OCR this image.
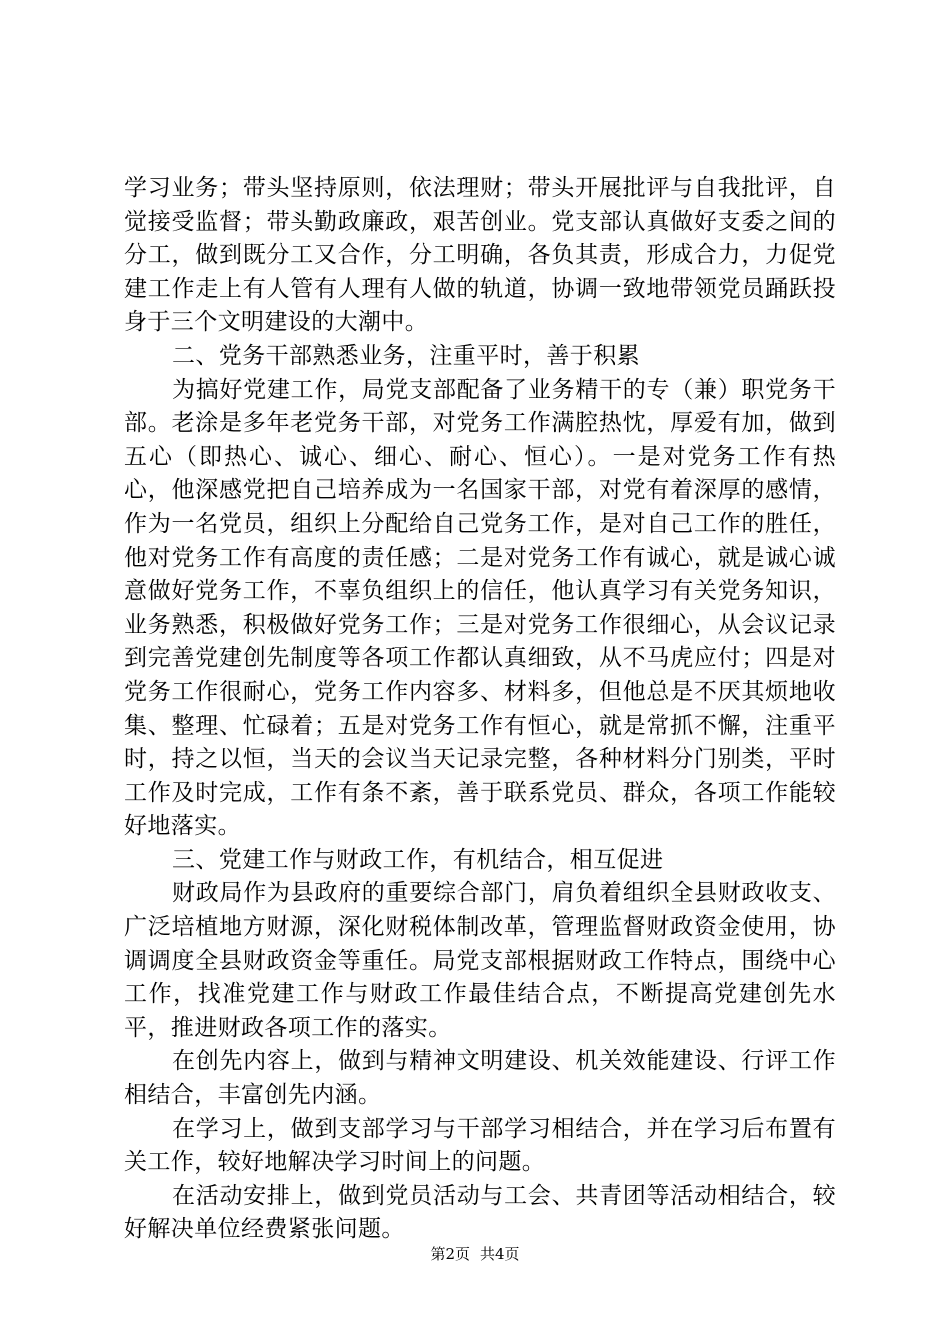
学习业务；带头坚持原则，依法理财；带头开展批评与自我批评，自觉接受监督；带头勤政廉政，艰苦创业。党支部认真做好支委之间的分工，做到既分工又合作，分工明确，各负其责，形成合力，力促党建工作走上有人管有人理有人做的轨道，协调一致地带领党员踊跃投身于三个文明建设的大潮中。

二、党务干部熟悉业务，注重平时，善于积累

为搞好党建工作，局党支部配备了业务精干的专（兼）职党务干部。老涂是多年老党务干部，对党务工作满腔热忱，厚爱有加，做到五心（即热心、诚心、细心、耐心、恒心）。一是对党务工作有热心，他深感党把自己培养成为一名国家干部，对党有着深厚的感情，作为一名党员，组织上分配给自己党务工作，是对自己工作的胜任，他对党务工作有高度的责任感；二是对党务工作有诚心，就是诚心诚意做好党务工作，不辜负组织上的信任，他认真学习有关党务知识，业务熟悉，积极做好党务工作；三是对党务工作很细心，从会议记录到完善党建创先制度等各项工作都认真细致，从不马虎应付；四是对党务工作很耐心，党务工作内容多、材料多，但他总是不厌其烦地收集、整理、忙碌着；五是对党务工作有恒心，就是常抓不懈，注重平时，持之以恒，当天的会议当天记录完整，各种材料分门别类，平时工作及时完成，工作有条不紊，善于联系党员、群众，各项工作能较好地落实。

三、党建工作与财政工作，有机结合，相互促进

财政局作为县政府的重要综合部门，肩负着组织全县财政收支、广泛培植地方财源，深化财税体制改革，管理监督财政资金使用，协调调度全县财政资金等重任。局党支部根据财政工作特点，围绕中心工作，找准党建工作与财政工作最佳结合点，不断提高党建创先水平，推进财政各项工作的落实。

在创先内容上，做到与精神文明建设、机关效能建设、行评工作相结合，丰富创先内涵。

在学习上，做到支部学习与干部学习相结合，并在学习后布置有关工作，较好地解决学习时间上的问题。

在活动安排上，做到党员活动与工会、共青团等活动相结合，较好解决单位经费紧张问题。

第2页 共4页
